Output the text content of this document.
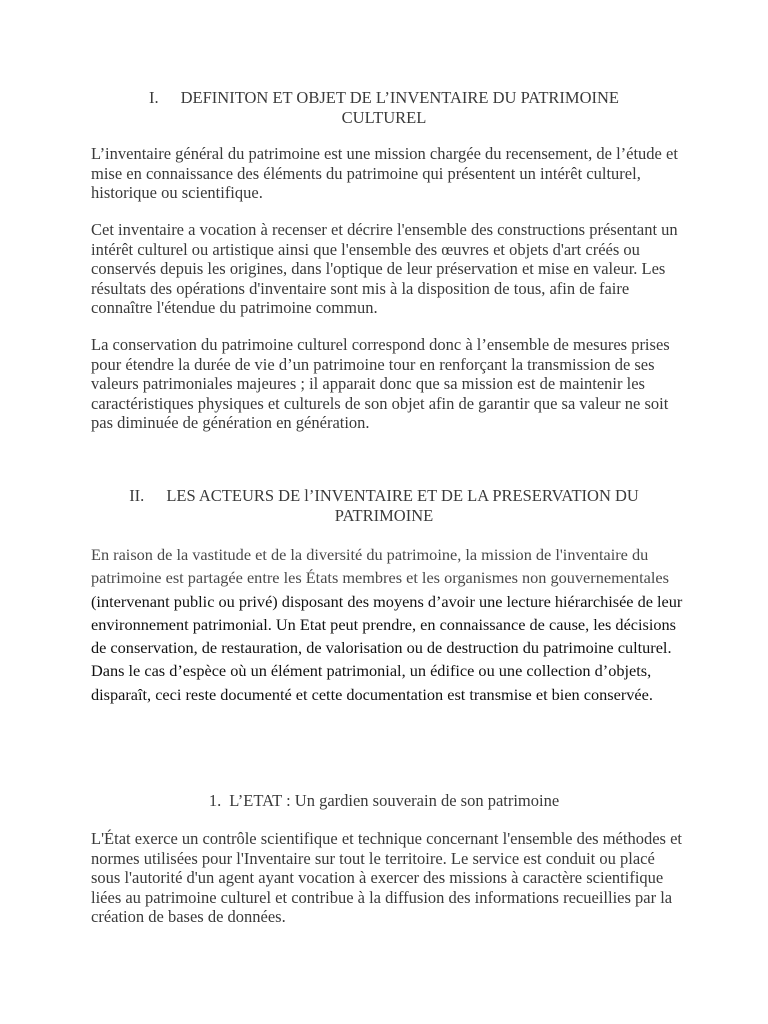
I. DEFINITON ET OBJET DE L’INVENTAIRE DU PATRIMOINE
CULTUREL

L’inventaire général du patrimoine est une mission chargée du recensement, de l’étude et mise en connaissance des éléments du patrimoine qui présentent un intérêt culturel, historique ou scientifique.

Cet inventaire a vocation à recenser et décrire l'ensemble des constructions présentant un intérêt culturel ou artistique ainsi que l'ensemble des œuvres et objets d'art créés ou conservés depuis les origines, dans l'optique de leur préservation et mise en valeur. Les résultats des opérations d'inventaire sont mis à la disposition de tous, afin de faire connaître l'étendue du patrimoine commun.

La conservation du patrimoine culturel correspond donc à l’ensemble de mesures prises pour étendre la durée de vie d’un patrimoine tour en renforçant la transmission de ses valeurs patrimoniales majeures ; il apparait donc que sa mission est de maintenir les caractéristiques physiques et culturels de son objet afin de garantir que sa valeur ne soit pas diminuée de génération en génération.

II. LES ACTEURS DE l’INVENTAIRE ET DE LA PRESERVATION DU
PATRIMOINE

En raison de la vastitude et de la diversité du patrimoine, la mission de l'inventaire du patrimoine est partagée entre les États membres et les organismes non gouvernementales (intervenant public ou privé) disposant des moyens d’avoir une lecture hiérarchisée de leur environnement patrimonial. Un Etat peut prendre, en connaissance de cause, les décisions de conservation, de restauration, de valorisation ou de destruction du patrimoine culturel. Dans le cas d’espèce où un élément patrimonial, un édifice ou une collection d’objets, disparaît, ceci reste documenté et cette documentation est transmise et bien conservée.

1. L’ETAT : Un gardien souverain de son patrimoine

L'État exerce un contrôle scientifique et technique concernant l'ensemble des méthodes et normes utilisées pour l'Inventaire sur tout le territoire. Le service est conduit ou placé sous l'autorité d'un agent ayant vocation à exercer des missions à caractère scientifique liées au patrimoine culturel et contribue à la diffusion des informations recueillies par la création de bases de données.
